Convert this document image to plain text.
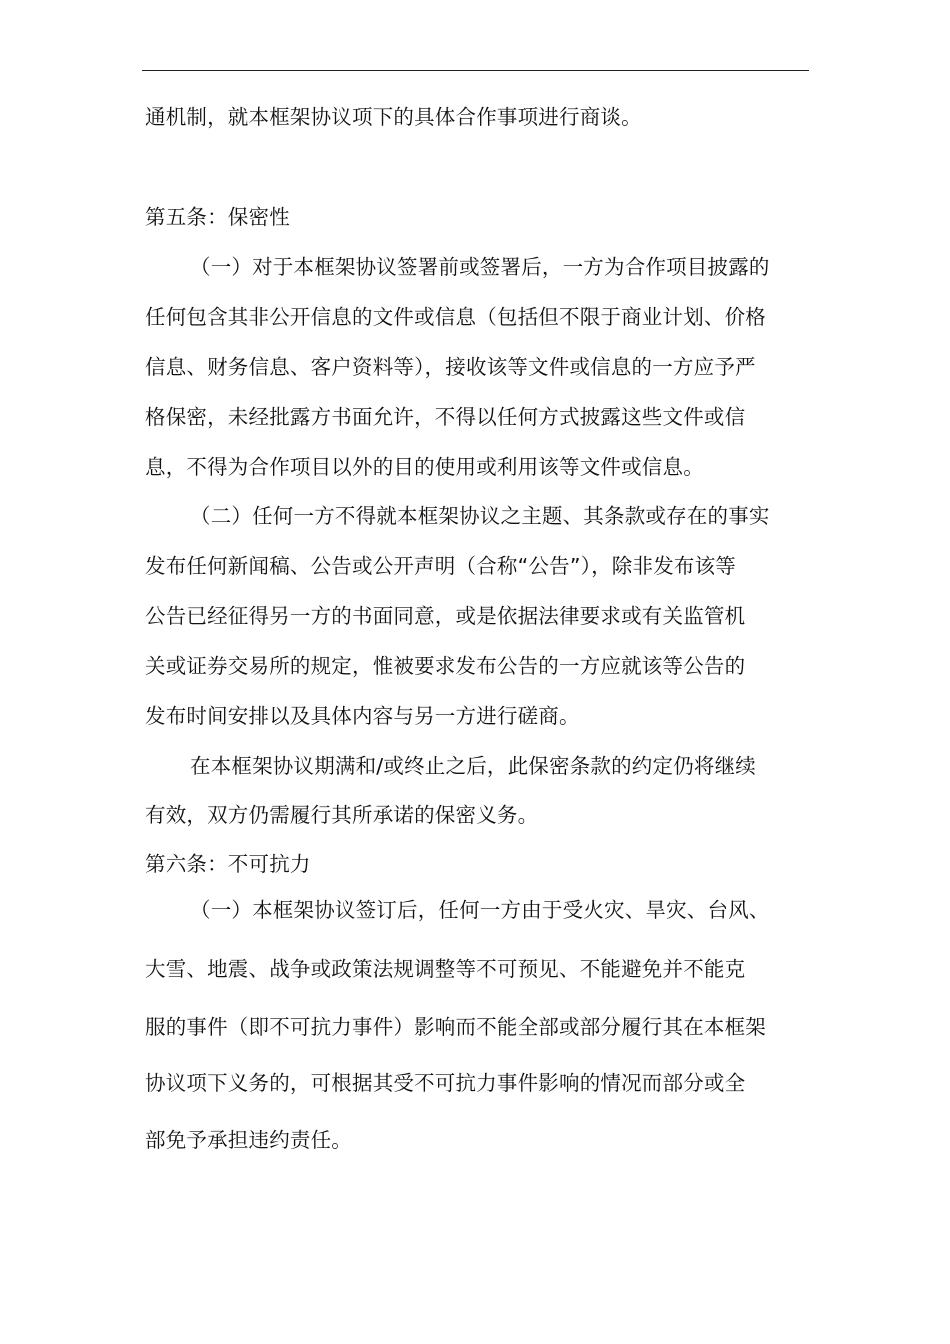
通机制，就本框架协议项下的具体合作事项进行商谈。
第五条：保密性
（一）对于本框架协议签署前或签署后，一方为合作项目披露的
任何包含其非公开信息的文件或信息（包括但不限于商业计划、价格
信息、财务信息、客户资料等），接收该等文件或信息的一方应予严
格保密，未经批露方书面允许，不得以任何方式披露这些文件或信
息，不得为合作项目以外的目的使用或利用该等文件或信息。
（二）任何一方不得就本框架协议之主题、其条款或存在的事实
发布任何新闻稿、公告或公开声明（合称“公告”），除非发布该等
公告已经征得另一方的书面同意，或是依据法律要求或有关监管机
关或证券交易所的规定，惟被要求发布公告的一方应就该等公告的
发布时间安排以及具体内容与另一方进行磋商。
在本框架协议期满和/或终止之后，此保密条款的约定仍将继续
有效，双方仍需履行其所承诺的保密义务。
第六条：不可抗力
（一）本框架协议签订后，任何一方由于受火灾、旱灾、台风、
大雪、地震、战争或政策法规调整等不可预见、不能避免并不能克
服的事件（即不可抗力事件）影响而不能全部或部分履行其在本框架
协议项下义务的，可根据其受不可抗力事件影响的情况而部分或全
部免予承担违约责任。
